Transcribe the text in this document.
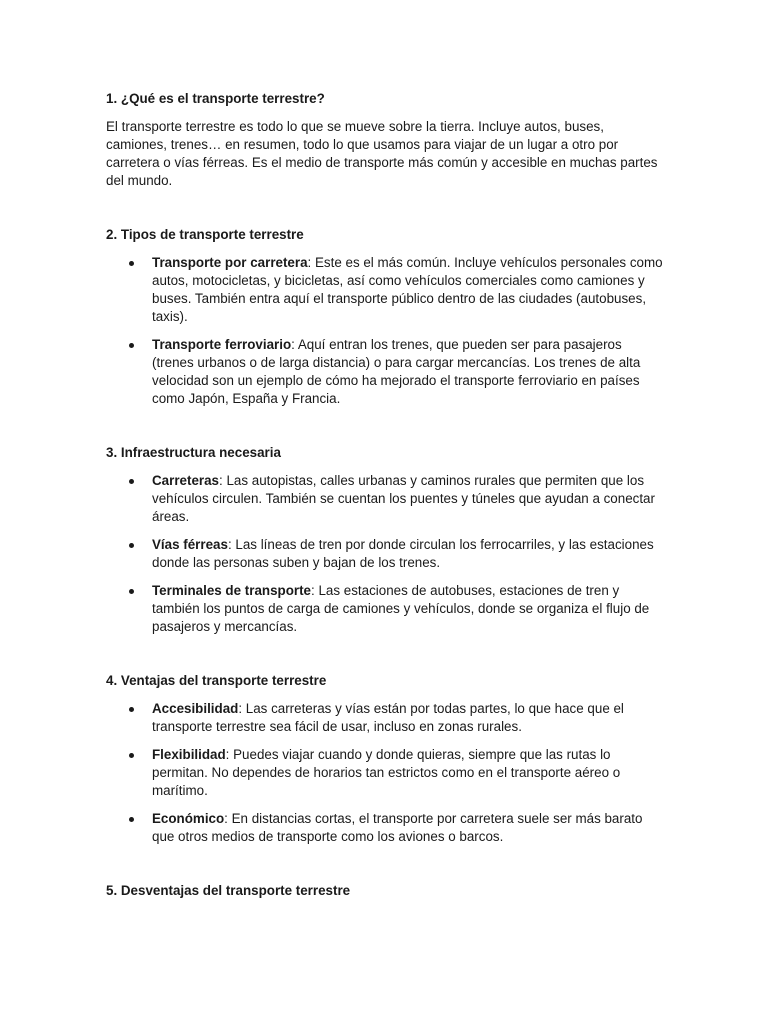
1. ¿Qué es el transporte terrestre?

El transporte terrestre es todo lo que se mueve sobre la tierra. Incluye autos, buses, camiones, trenes… en resumen, todo lo que usamos para viajar de un lugar a otro por carretera o vías férreas. Es el medio de transporte más común y accesible en muchas partes del mundo.

2. Tipos de transporte terrestre

Transporte por carretera: Este es el más común. Incluye vehículos personales como autos, motocicletas, y bicicletas, así como vehículos comerciales como camiones y buses. También entra aquí el transporte público dentro de las ciudades (autobuses, taxis).
Transporte ferroviario: Aquí entran los trenes, que pueden ser para pasajeros (trenes urbanos o de larga distancia) o para cargar mercancías. Los trenes de alta velocidad son un ejemplo de cómo ha mejorado el transporte ferroviario en países como Japón, España y Francia.

3. Infraestructura necesaria

Carreteras: Las autopistas, calles urbanas y caminos rurales que permiten que los vehículos circulen. También se cuentan los puentes y túneles que ayudan a conectar áreas.
Vías férreas: Las líneas de tren por donde circulan los ferrocarriles, y las estaciones donde las personas suben y bajan de los trenes.
Terminales de transporte: Las estaciones de autobuses, estaciones de tren y también los puntos de carga de camiones y vehículos, donde se organiza el flujo de pasajeros y mercancías.

4. Ventajas del transporte terrestre

Accesibilidad: Las carreteras y vías están por todas partes, lo que hace que el transporte terrestre sea fácil de usar, incluso en zonas rurales.
Flexibilidad: Puedes viajar cuando y donde quieras, siempre que las rutas lo permitan. No dependes de horarios tan estrictos como en el transporte aéreo o marítimo.
Económico: En distancias cortas, el transporte por carretera suele ser más barato que otros medios de transporte como los aviones o barcos.

5. Desventajas del transporte terrestre
